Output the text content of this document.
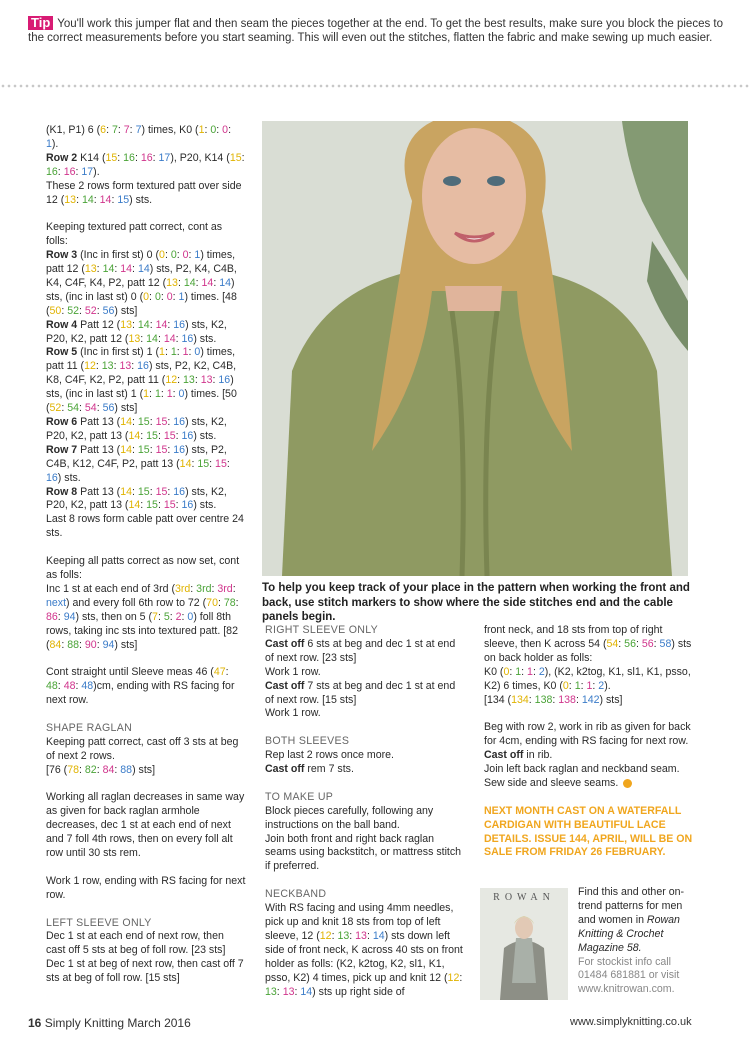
Tip You'll work this jumper flat and then seam the pieces together at the end. To get the best results, make sure you block the pieces to the correct measurements before you start seaming. This will even out the stitches, flatten the fabric and make sewing up much easier.

(K1, P1) 6 (6: 7: 7: 7) times, K0 (1: 0: 0: 1).
Row 2 K14 (15: 16: 16: 17), P20, K14 (15: 16: 16: 17).
These 2 rows form textured patt over side 12 (13: 14: 14: 15) sts.

Keeping textured patt correct, cont as folls:
Row 3 (Inc in first st) 0 (0: 0: 0: 1) times, patt 12 (13: 14: 14: 14) sts, P2, K4, C4B, K4, C4F, K4, P2, patt 12 (13: 14: 14: 14) sts, (inc in last st) 0 (0: 0: 0: 1) times. [48 (50: 52: 52: 56) sts]
Row 4 Patt 12 (13: 14: 14: 16) sts, K2, P20, K2, patt 12 (13: 14: 14: 16) sts.
Row 5 (Inc in first st) 1 (1: 1: 1: 0) times, patt 11 (12: 13: 13: 16) sts, P2, K2, C4B, K8, C4F, K2, P2, patt 11 (12: 13: 13: 16) sts, (inc in last st) 1 (1: 1: 1: 0) times. [50 (52: 54: 54: 56) sts]
Row 6 Patt 13 (14: 15: 15: 16) sts, K2, P20, K2, patt 13 (14: 15: 15: 16) sts.
Row 7 Patt 13 (14: 15: 15: 16) sts, P2, C4B, K12, C4F, P2, patt 13 (14: 15: 15: 16) sts.
Row 8 Patt 13 (14: 15: 15: 16) sts, K2, P20, K2, patt 13 (14: 15: 15: 16) sts.
Last 8 rows form cable patt over centre 24 sts.

Keeping all patts correct as now set, cont as folls:
Inc 1 st at each end of 3rd (3rd: 3rd: 3rd: next) and every foll 6th row to 72 (70: 78: 86: 94) sts, then on 5 (7: 5: 2: 0) foll 8th rows, taking inc sts into textured patt. [82 (84: 88: 90: 94) sts]

Cont straight until Sleeve meas 46 (47: 48: 48: 48)cm, ending with RS facing for next row.

SHAPE RAGLAN

Keeping patt correct, cast off 3 sts at beg of next 2 rows.
[76 (78: 82: 84: 88) sts]

Working all raglan decreases in same way as given for back raglan armhole decreases, dec 1 st at each end of next and 7 foll 4th rows, then on every foll alt row until 30 sts rem.

Work 1 row, ending with RS facing for next row.

LEFT SLEEVE ONLY

Dec 1 st at each end of next row, then cast off 5 sts at beg of foll row. [23 sts]
Dec 1 st at beg of next row, then cast off 7 sts at beg of foll row. [15 sts]

To help you keep track of your place in the pattern when working the front and back, use stitch markers to show where the side stitches end and the cable panels begin.
RIGHT SLEEVE ONLY

Cast off 6 sts at beg and dec 1 st at end of next row. [23 sts]
Work 1 row.
Cast off 7 sts at beg and dec 1 st at end of next row. [15 sts]
Work 1 row.

BOTH SLEEVES

Rep last 2 rows once more.
Cast off rem 7 sts.

TO MAKE UP

Block pieces carefully, following any instructions on the ball band.
Join both front and right back raglan seams using backstitch, or mattress stitch if preferred.

NECKBAND

With RS facing and using 4mm needles, pick up and knit 18 sts from top of left sleeve, 12 (12: 13: 13: 14) sts down left side of front neck, K across 40 sts on front holder as folls: (K2, k2tog, K2, sl1, K1, psso, K2) 4 times, pick up and knit 12 (12: 13: 13: 14) sts up right side of

front neck, and 18 sts from top of right sleeve, then K across 54 (54: 56: 56: 58) sts on back holder as folls:
K0 (0: 1: 1: 2), (K2, k2tog, K1, sl1, K1, psso, K2) 6 times, K0 (0: 1: 1: 2).
[134 (134: 138: 138: 142) sts]

Beg with row 2, work in rib as given for back for 4cm, ending with RS facing for next row.
Cast off in rib.
Join left back raglan and neckband seam. Sew side and sleeve seams.

NEXT MONTH CAST ON A WATERFALL CARDIGAN WITH BEAUTIFUL LACE DETAILS. ISSUE 144, APRIL, WILL BE ON SALE FROM FRIDAY 26 FEBRUARY.

ROWAN Find this and other on-trend patterns for men and women in Rowan Knitting & Crochet Magazine 58.
For stockist info call 01484 681881 or visit www.knitrowan.com.
16 Simply Knitting March 2016	www.simplyknitting.co.uk
